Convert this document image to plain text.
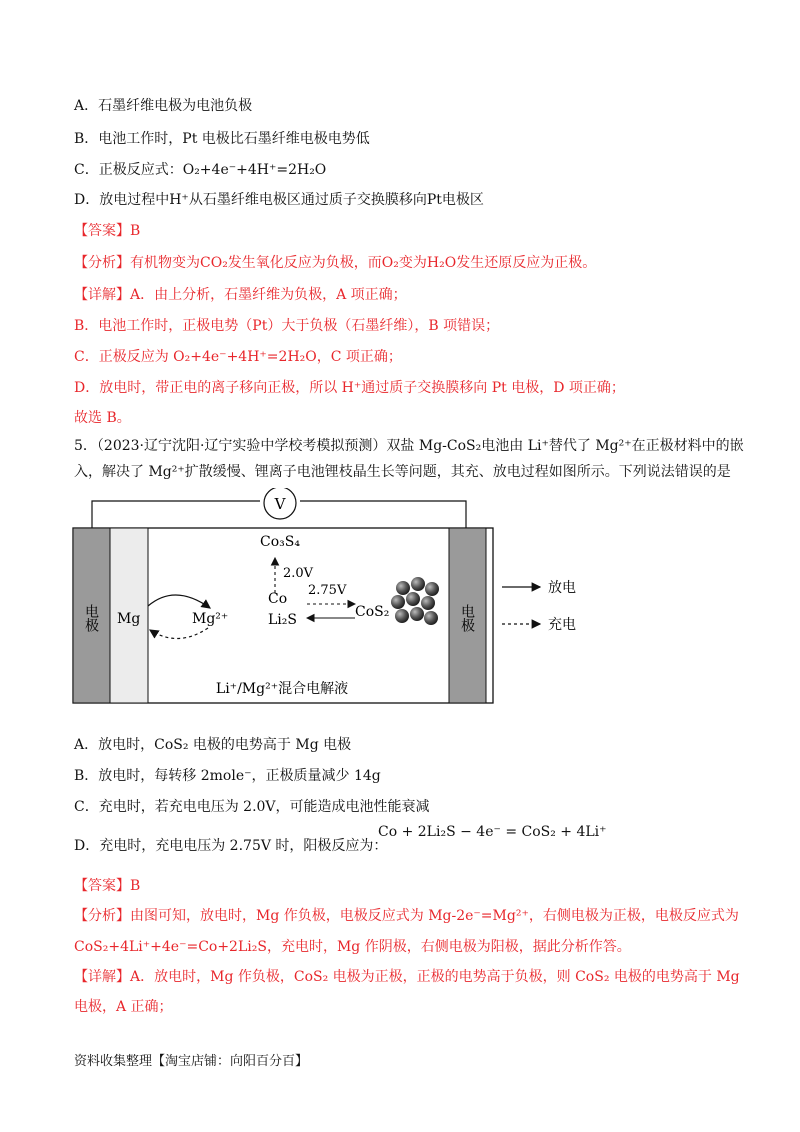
A．石墨纤维电极为电池负极
B．电池工作时，Pt 电极比石墨纤维电极电势低
C．正极反应式：O₂+4e⁻+4H⁺=2H₂O
D．放电过程中H⁺从石墨纤维电极区通过质子交换膜移向Pt电极区
【答案】B
【分析】有机物变为CO₂发生氧化反应为负极，而O₂变为H₂O发生还原反应为正极。
【详解】A．由上分析，石墨纤维为负极，A 项正确；
B．电池工作时，正极电势（Pt）大于负极（石墨纤维），B 项错误；
C．正极反应为 O₂+4e⁻+4H⁺=2H₂O，C 项正确；
D．放电时，带正电的离子移向正极，所以 H⁺通过质子交换膜移向 Pt 电极，D 项正确；
故选 B。
5．（2023·辽宁沈阳·辽宁实验中学校考模拟预测）双盐 Mg-CoS₂电池由 Li⁺替代了 Mg²⁺在正极材料中的嵌
入，解决了 Mg²⁺扩散缓慢、锂离子电池锂枝晶生长等问题，其充、放电过程如图所示。下列说法错误的是
V
电极	电极
Mg	Mg²⁺
Co₃S₄
2.0V
2.75V
Co
Li₂S	CoS₂
Li⁺/Mg²⁺混合电解液
放电
充电
A．放电时，CoS₂ 电极的电势高于 Mg 电极
B．放电时，每转移 2mole⁻，正极质量减少 14g
C．充电时，若充电电压为 2.0V，可能造成电池性能衰减
D．充电时，充电电压为 2.75V 时，阳极反应为：
Co + 2Li₂S − 4e⁻ = CoS₂ + 4Li⁺
【答案】B
【分析】由图可知，放电时，Mg 作负极，电极反应式为 Mg-2e⁻=Mg²⁺，右侧电极为正极，电极反应式为
CoS₂+4Li⁺+4e⁻=Co+2Li₂S，充电时，Mg 作阴极，右侧电极为阳极，据此分析作答。
【详解】A．放电时，Mg 作负极，CoS₂ 电极为正极，正极的电势高于负极，则 CoS₂ 电极的电势高于 Mg
电极，A 正确；
资料收集整理【淘宝店铺：向阳百分百】
